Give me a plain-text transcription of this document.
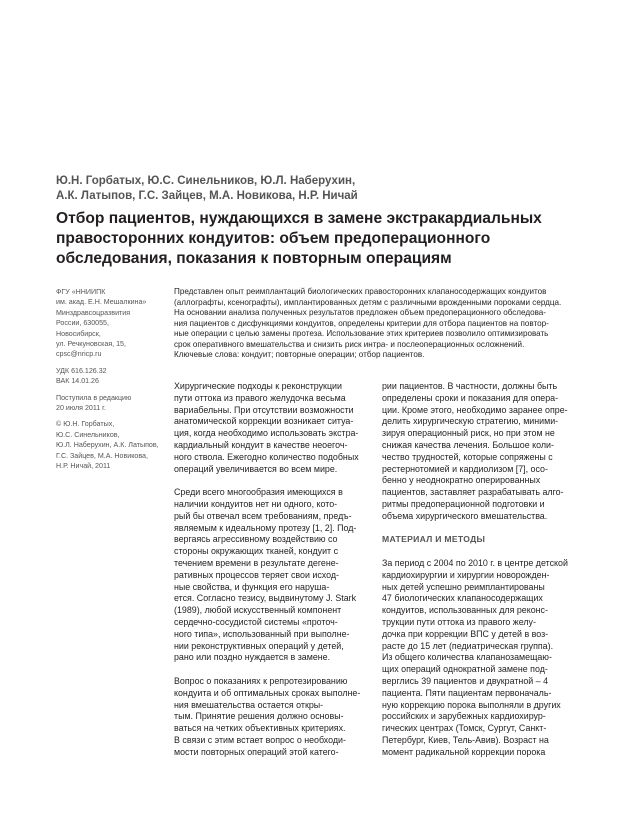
Ю.Н. Горбатых, Ю.С. Синельников, Ю.Л. Наберухин,
А.К. Латыпов, Г.С. Зайцев, М.А. Новикова, Н.Р. Ничай
Отбор пациентов, нуждающихся в замене экстракардиальных
правосторонних кондуитов: объем предоперационного
обследования, показания к повторным операциям
ФГУ «ННИИПК
им. акад. Е.Н. Мешалкина»
Минздравсоцразвития
России, 630055,
Новосибирск,
ул. Речкуновская, 15,
cpsc@nricp.ru
УДК 616.126.32
ВАК 14.01.26
Поступила в редакцию
20 июля 2011 г.
© Ю.Н. Горбатых,
Ю.С. Синельников,
Ю.Л. Наберухин, А.К. Латыпов,
Г.С. Зайцев, М.А. Новикова,
Н.Р. Ничай, 2011
Представлен опыт реимплантаций биологических правосторонних клапаносодержащих кондуитов
(аллографты, ксенографты), имплантированных детям с различными врожденными пороками сердца.
На основании анализа полученных результатов предложен объем предоперационного обследова-
ния пациентов с дисфункциями кондуитов, определены критерии для отбора пациентов на повтор-
ные операции с целью замены протеза. Использование этих критериев позволило оптимизировать
срок оперативного вмешательства и снизить риск интра- и послеоперационных осложнений.
Ключевые слова: кондуит; повторные операции; отбор пациентов.
Хирургические подходы к реконструкции
пути оттока из правого желудочка весьма
вариабельны. При отсутствии возможности
анатомической коррекции возникает ситуа-
ция, когда необходимо использовать экстра-
кардиальный кондуит в качестве неоегоч-
ного ствола. Ежегодно количество подобных
операций увеличивается во всем мире.
Среди всего многообразия имеющихся в
наличии кондуитов нет ни одного, кото-
рый бы отвечал всем требованиям, предъ-
являемым к идеальному протезу [1, 2]. Под-
вергаясь агрессивному воздействию со
стороны окружающих тканей, кондуит с
течением времени в результате дегене-
ративных процессов теряет свои исход-
ные свойства, и функция его наруша-
ется. Согласно тезису, выдвинутому J. Stark
(1989), любой искусственный компонент
сердечно-сосудистой системы «проточ-
ного типа», использованный при выполне-
нии реконструктивных операций у детей,
рано или поздно нуждается в замене.
Вопрос о показаниях к репротезированию
кондуита и об оптимальных сроках выполне-
ния вмешательства остается откры-
тым. Принятие решения должно основы-
ваться на четких объективных критериях.
В связи с этим встает вопрос о необходи-
мости повторных операций этой катего-
рии пациентов. В частности, должны быть
определены сроки и показания для опера-
ции. Кроме этого, необходимо заранее опре-
делить хирургическую стратегию, миними-
зируя операционный риск, но при этом не
снижая качества лечения. Большое коли-
чество трудностей, которые сопряжены с
рестернотомией и кардиолизом [7], осо-
бенно у неоднократно оперированных
пациентов, заставляет разрабатывать алго-
ритмы предоперационной подготовки и
объема хирургического вмешательства.
МАТЕРИАЛ И МЕТОДЫ
За период с 2004 по 2010 г. в центре детской
кардиохирургии и хирургии новорожден-
ных детей успешно реимплантированы
47 биологических клапаносодержащих
кондуитов, использованных для реконс-
трукции пути оттока из правого желу-
дочка при коррекции ВПС у детей в воз-
расте до 15 лет (педиатрическая группа).
Из общего количества клапанозамещаю-
щих операций однократной замене под-
верглись 39 пациентов и двукратной – 4
пациента. Пяти пациентам первоначаль-
ную коррекцию порока выполняли в других
российских и зарубежных кардиохирур-
гических центрах (Томск, Сургут, Санкт-
Петербург, Киев, Тель-Авив). Возраст на
момент радикальной коррекции порока
